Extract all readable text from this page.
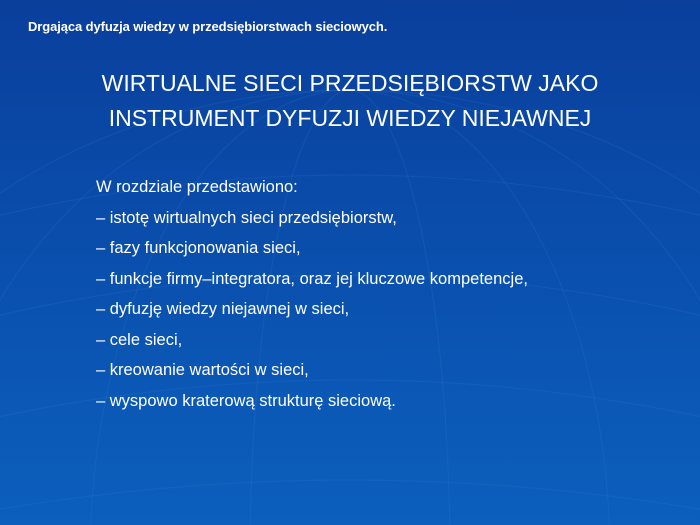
Drgająca dyfuzja wiedzy w przedsiębiorstwach sieciowych.
WIRTUALNE SIECI PRZEDSIĘBIORSTW JAKO
INSTRUMENT DYFUZJI WIEDZY NIEJAWNEJ
W rozdziale przedstawiono:
– istotę wirtualnych sieci przedsiębiorstw,
– fazy funkcjonowania sieci,
– funkcje firmy–integratora, oraz jej kluczowe kompetencje,
– dyfuzję wiedzy niejawnej w sieci,
– cele sieci,
– kreowanie wartości w sieci,
– wyspowo kraterową strukturę sieciową.
